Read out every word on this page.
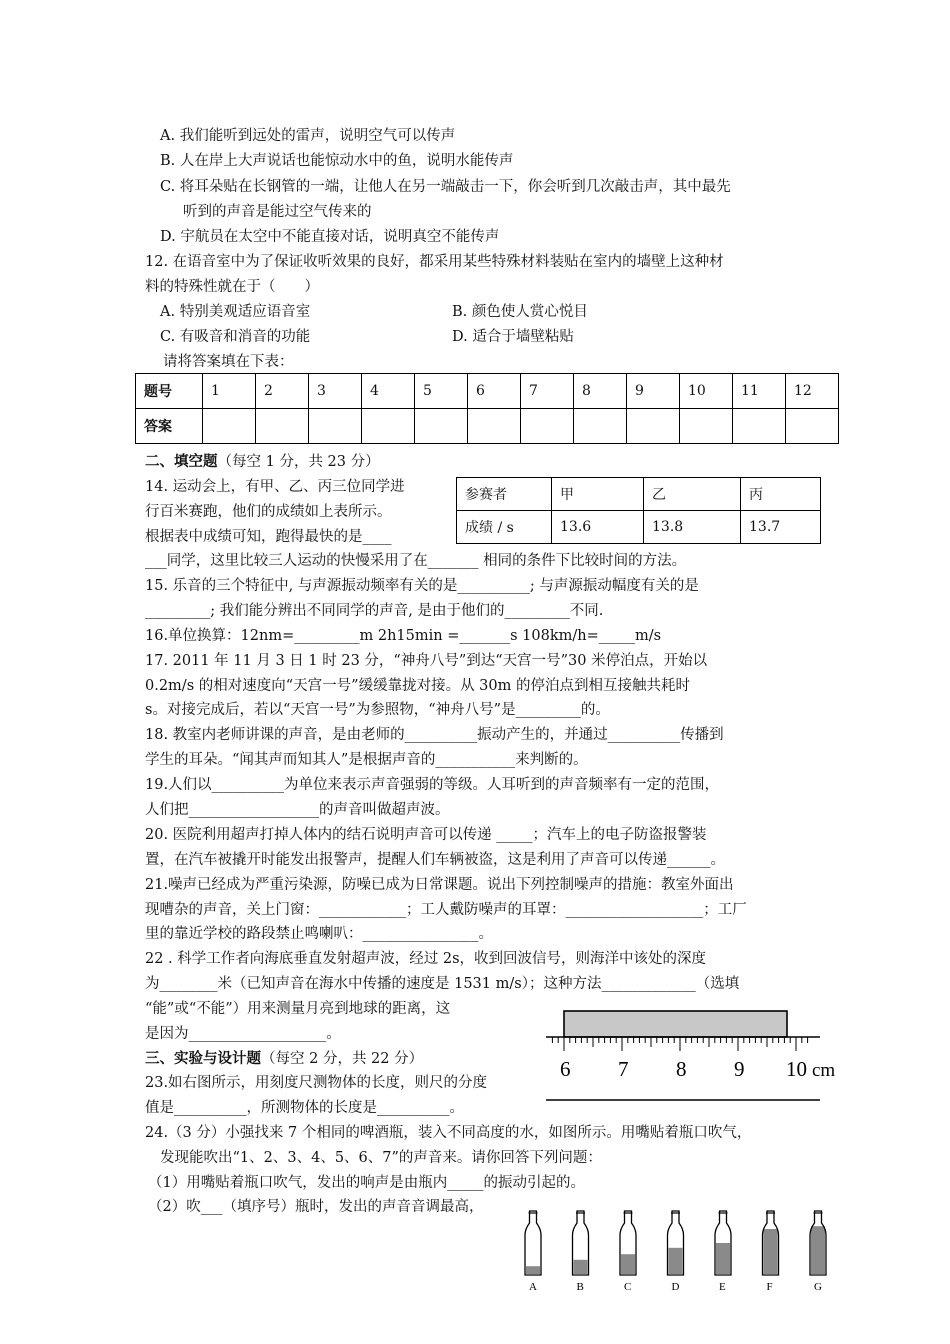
A. 我们能听到远处的雷声，说明空气可以传声
B. 人在岸上大声说话也能惊动水中的鱼，说明水能传声
C. 将耳朵贴在长钢管的一端，让他人在另一端敲击一下，你会听到几次敲击声，其中最先
听到的声音是能过空气传来的
D. 宇航员在太空中不能直接对话，说明真空不能传声
12. 在语音室中为了保证收听效果的良好，都采用某些特殊材料装贴在室内的墙壁上这种材
料的特殊性就在于（　　）
A. 特别美观适应语音室	B. 颜色使人赏心悦目
C. 有吸音和消音的功能	D. 适合于墙壁粘贴
请将答案填在下表：
题号	1	2	3	4	5	6	7	8	9	10	11	12
答案												
二、填空题（每空 1 分，共 23 分）
14. 运动会上，有甲、乙、丙三位同学进
行百米赛跑，他们的成绩如上表所示。
根据表中成绩可知，跑得最快的是____
___同学，这里比较三人运动的快慢采用了在_______ 相同的条件下比较时间的方法。
参赛者	甲	乙	丙
成绩 / s	13.6	13.8	13.7
15. 乐音的三个特征中, 与声源振动频率有关的是__________; 与声源振动幅度有关的是
_________; 我们能分辨出不同同学的声音, 是由于他们的_________不同.
16.单位换算：12nm=_________m 2h15min =_______s 108km/h=_____m/s
17. 2011 年 11 月 3 日 1 时 23 分，“神舟八号”到达“天宫一号”30 米停泊点，开始以
0.2m/s 的相对速度向“天宫一号”缓缓靠拢对接。从 30m 的停泊点到相互接触共耗时
s。对接完成后，若以“天宫一号”为参照物，“神舟八号”是_________的。
18. 教室内老师讲课的声音，是由老师的__________振动产生的，并通过__________传播到
学生的耳朵。“闻其声而知其人”是根据声音的___________来判断的。
19.人们以__________为单位来表示声音强弱的等级。人耳听到的声音频率有一定的范围，
人们把__________________的声音叫做超声波。
20. 医院利用超声打掉人体内的结石说明声音可以传递 _____；汽车上的电子防盗报警装
置，在汽车被撬开时能发出报警声，提醒人们车辆被盗，这是利用了声音可以传递______。
21.噪声已经成为严重污染源，防噪已成为日常课题。说出下列控制噪声的措施：教室外面出
现嘈杂的声音，关上门窗：____________；工人戴防噪声的耳罩：___________________；工厂
里的靠近学校的路段禁止鸣喇叭：________________。
22 . 科学工作者向海底垂直发射超声波，经过 2s，收到回波信号，则海洋中该处的深度
为________米（已知声音在海水中传播的速度是 1531 m/s）；这种方法_____________（选填
“能”或“不能”）用来测量月亮到地球的距离，这
是因为___________________。
三、实验与设计题（每空 2 分，共 22 分）
23.如右图所示，用刻度尺测物体的长度，则尺的分度
值是__________，所测物体的长度是__________。
6 7 8 9 10 cm
24.（3 分）小强找来 7 个相同的啤酒瓶，装入不同高度的水，如图所示。用嘴贴着瓶口吹气，
发现能吹出“1、2、3、4、5、6、7”的声音来。请你回答下列问题：
（1）用嘴贴着瓶口吹气，发出的响声是由瓶内_____的振动引起的。
（2）吹___（填序号）瓶时，发出的声音音调最高，
A	B	C	D	E	F	G
